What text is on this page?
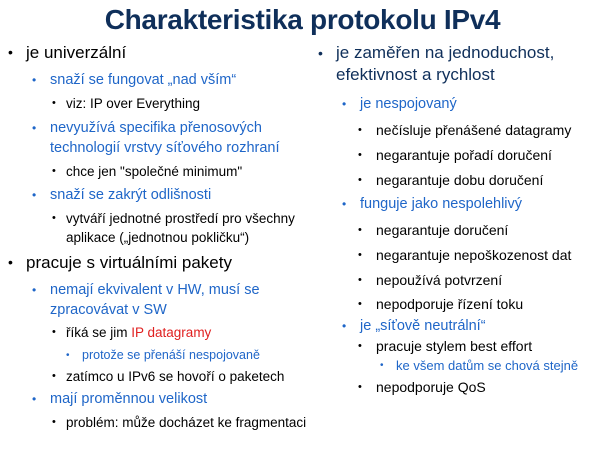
Charakteristika protokolu IPv4
• je univerzální
• snaží se fungovat „nad vším“
• viz: IP over Everything
• nevyužívá specifika přenosových technologií vrstvy síťového rozhraní
• chce jen "společné minimum"
• snaží se zakrýt odlišnosti
• vytváří jednotné prostředí pro všechny aplikace („jednotnou pokličku“)
• pracuje s virtuálními pakety
• nemají ekvivalent v HW, musí se zpracovávat v SW
• říká se jim IP datagramy
• protože se přenáší nespojovaně
• zatímco u IPv6 se hovoří o paketech
• mají proměnnou velikost
• problém: může docházet ke fragmentaci
• je zaměřen na jednoduchost, efektivnost a rychlost
• je nespojovaný
• nečísluje přenášené datagramy
• negarantuje pořadí doručení
• negarantuje dobu doručení
• funguje jako nespolehlivý
• negarantuje doručení
• negarantuje nepoškozenost dat
• nepoužívá potvrzení
• nepodporuje řízení toku
• je „síťově neutrální“
• pracuje stylem best effort
• ke všem datům se chová stejně
• nepodporuje QoS
